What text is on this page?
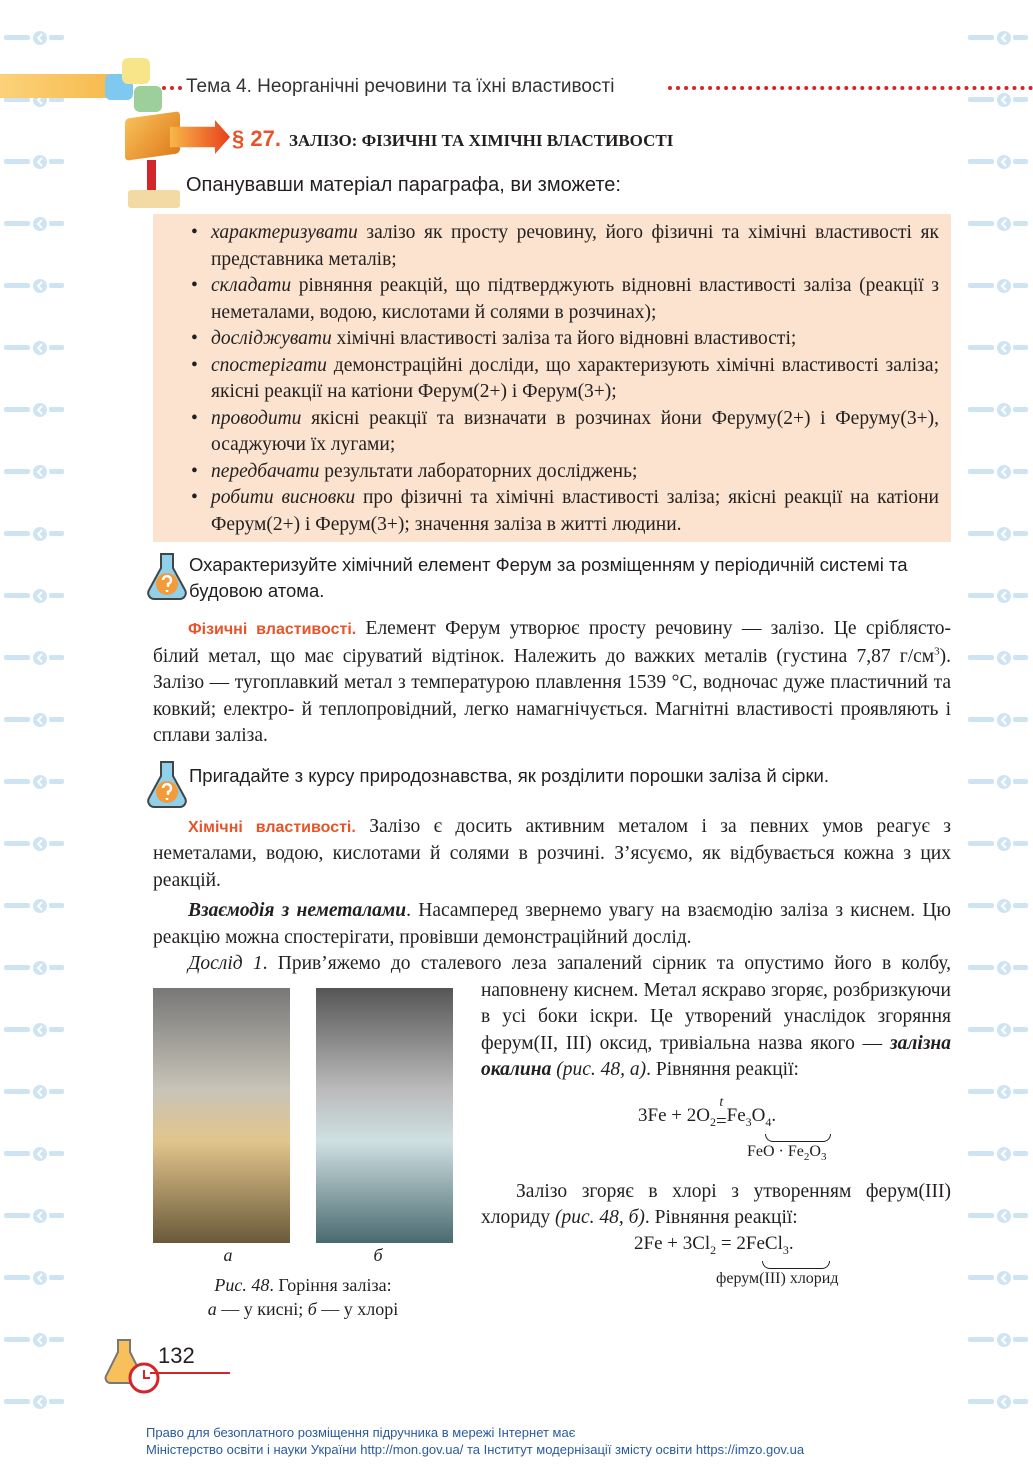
Тема 4. Неорганічні речовини та їхні властивості
§ 27. ЗАЛІЗО: ФІЗИЧНІ ТА ХІМІЧНІ ВЛАСТИВОСТІ
Опанувавши матеріал параграфа, ви зможете:
• характеризувати залізо як просту речовину, його фізичні та хімічні властивості як представника металів;
• складати рівняння реакцій, що підтверджують відновні властивості заліза (реакції з неметалами, водою, кислотами й солями в розчинах);
• досліджувати хімічні властивості заліза та його відновні властивості;
• спостерігати демонстраційні досліди, що характеризують хімічні властивості заліза; якісні реакції на катіони Ферум(2+) і Ферум(3+);
• проводити якісні реакції та визначати в розчинах йони Феруму(2+) і Феруму(3+), осаджуючи їх лугами;
• передбачати результати лабораторних досліджень;
• робити висновки про фізичні та хімічні властивості заліза; якісні реакції на катіони Ферум(2+) і Ферум(3+); значення заліза в житті людини.
Охарактеризуйте хімічний елемент Ферум за розміщенням у періодичній системі та будовою атома.
Фізичні властивості. Елемент Ферум утворює просту речовину — залізо. Це сріблясто-білий метал, що має сіруватий відтінок. Належить до важких металів (густина 7,87 $г/см^3$). Залізо — тугоплавкий метал з температурою плавлення 1539 °С, водночас дуже пластичний та ковкий; електро- й теплопровідний, легко намагнічується. Магнітні властивості проявляють і сплави заліза.
Пригадайте з курсу природознавства, як розділити порошки заліза й сірки.
Хімічні властивості. Залізо є досить активним металом і за певних умов реагує з неметалами, водою, кислотами й солями в розчині. З’ясуємо, як відбувається кожна з цих реакцій.
Взаємодія з неметалами. Насамперед звернемо увагу на взаємодію заліза з киснем. Цю реакцію можна спостерігати, провівши демонстраційний дослід.
а	б
Рис. 48. Горіння заліза:
а — у кисні; б — у хлорі
Дослід 1. Прив’яжемо до сталевого леза запалений сірник та опустимо його в колбу, наповнену киснем. Метал яскраво згоряє, розбризкуючи в усі боки іскри. Це утворений унаслідок згоряння ферум(ІІ, ІІІ) оксид, тривіальна назва якого — залізна окалина (рис. 48, а). Рівняння реакції:
$3Fe + 2O_2$
t
= $Fe_3O_4$.
FeO · $Fe_2O_3$
Залізо згоряє в хлорі з утворенням ферум(ІІІ) хлориду (рис. 48, б). Рівняння реакції:
$2Fe + 3Cl_2$ = 2FeCl$_3$.
ферум(ІІІ) хлорид
132
Право для безоплатного розміщення підручника в мережі Інтернет має
Міністерство освіти і науки України http://mon.gov.ua/ та Інститут модернізації змісту освіти https://imzo.gov.ua
